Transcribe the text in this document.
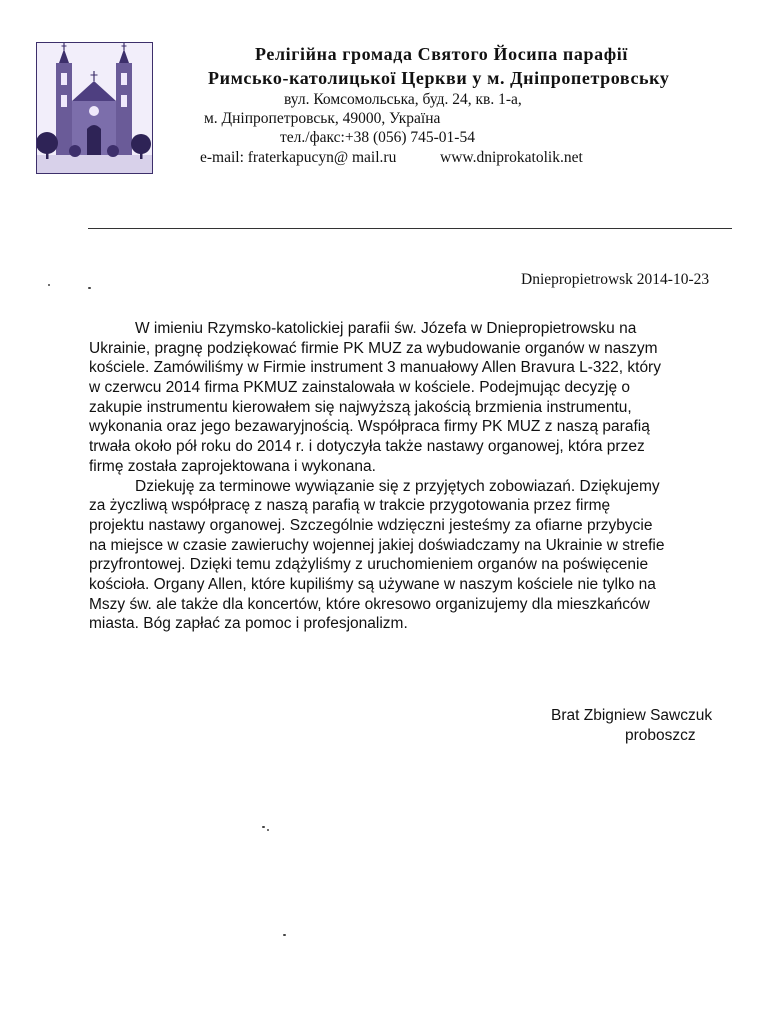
Релігійна громада Святого Йосипа парафії
Римсько-католицької Церкви у м. Дніпропетровську
вул. Комсомольська, буд. 24, кв. 1-а,
м. Дніпропетровськ, 49000, Україна
тел./факс:+38 (056) 745-01-54
e-mail: fraterkapucyn@ mail.ru	www.dniprokatolik.net
Dniepropietrowsk 2014-10-23
W imieniu Rzymsko-katolickiej parafii św. Józefa w Dniepropietrowsku na
Ukrainie, pragnę podziękować firmie PK MUZ za wybudowanie organów w naszym
kościele. Zamówiliśmy w Firmie instrument 3 manuałowy Allen Bravura L-322, który
w czerwcu 2014 firma PKMUZ zainstalowała w kościele. Podejmując decyzję o
zakupie instrumentu kierowałem się najwyższą jakością brzmienia instrumentu,
wykonania oraz jego bezawaryjnością. Współpraca firmy PK MUZ z naszą parafią
trwała około pół roku do 2014 r. i dotyczyła także nastawy organowej, która przez
firmę została zaprojektowana i wykonana.
Dziekuję za terminowe wywiązanie się z przyjętych zobowiazań. Dziękujemy
za życzliwą współpracę z naszą parafią w trakcie przygotowania przez firmę
projektu nastawy organowej. Szczególnie wdzięczni jesteśmy za ofiarne przybycie
na miejsce w czasie zawieruchy wojennej jakiej doświadczamy na Ukrainie w strefie
przyfrontowej. Dzięki temu zdążyliśmy z uruchomieniem organów na poświęcenie
kościoła. Organy Allen, które kupiliśmy są używane w naszym kościele nie tylko na
Mszy św. ale także dla koncertów, które okresowo organizujemy dla mieszkańców
miasta. Bóg zapłać za pomoc i profesjonalizm.
Brat Zbigniew Sawczuk
proboszcz
